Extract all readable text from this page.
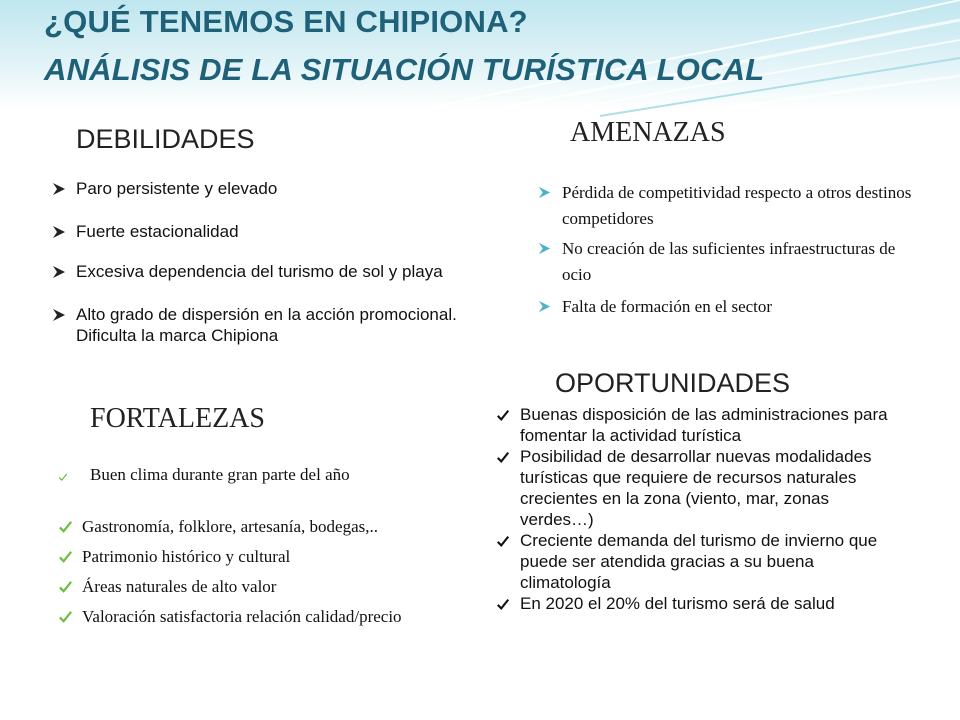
¿QUÉ TENEMOS EN CHIPIONA?
ANÁLISIS DE LA SITUACIÓN TURÍSTICA LOCAL
DEBILIDADES
Paro persistente y elevado
Fuerte estacionalidad
Excesiva dependencia del turismo de sol y playa
Alto grado de dispersión en la acción promocional. Dificulta la marca Chipiona
AMENAZAS
Pérdida de competitividad respecto a otros destinos competidores
No creación de las suficientes infraestructuras de ocio
Falta de formación en el sector
FORTALEZAS
Buen clima durante gran parte del año
Gastronomía, folklore, artesanía, bodegas,..
Patrimonio histórico y cultural
Áreas naturales de alto valor
Valoración satisfactoria relación calidad/precio
OPORTUNIDADES
Buenas disposición de las administraciones para fomentar la actividad turística
Posibilidad de desarrollar nuevas modalidades turísticas que requiere de recursos naturales crecientes en la zona (viento, mar, zonas verdes…)
Creciente demanda del turismo de invierno que puede ser atendida gracias a su buena climatología
En 2020 el 20% del turismo será de salud
